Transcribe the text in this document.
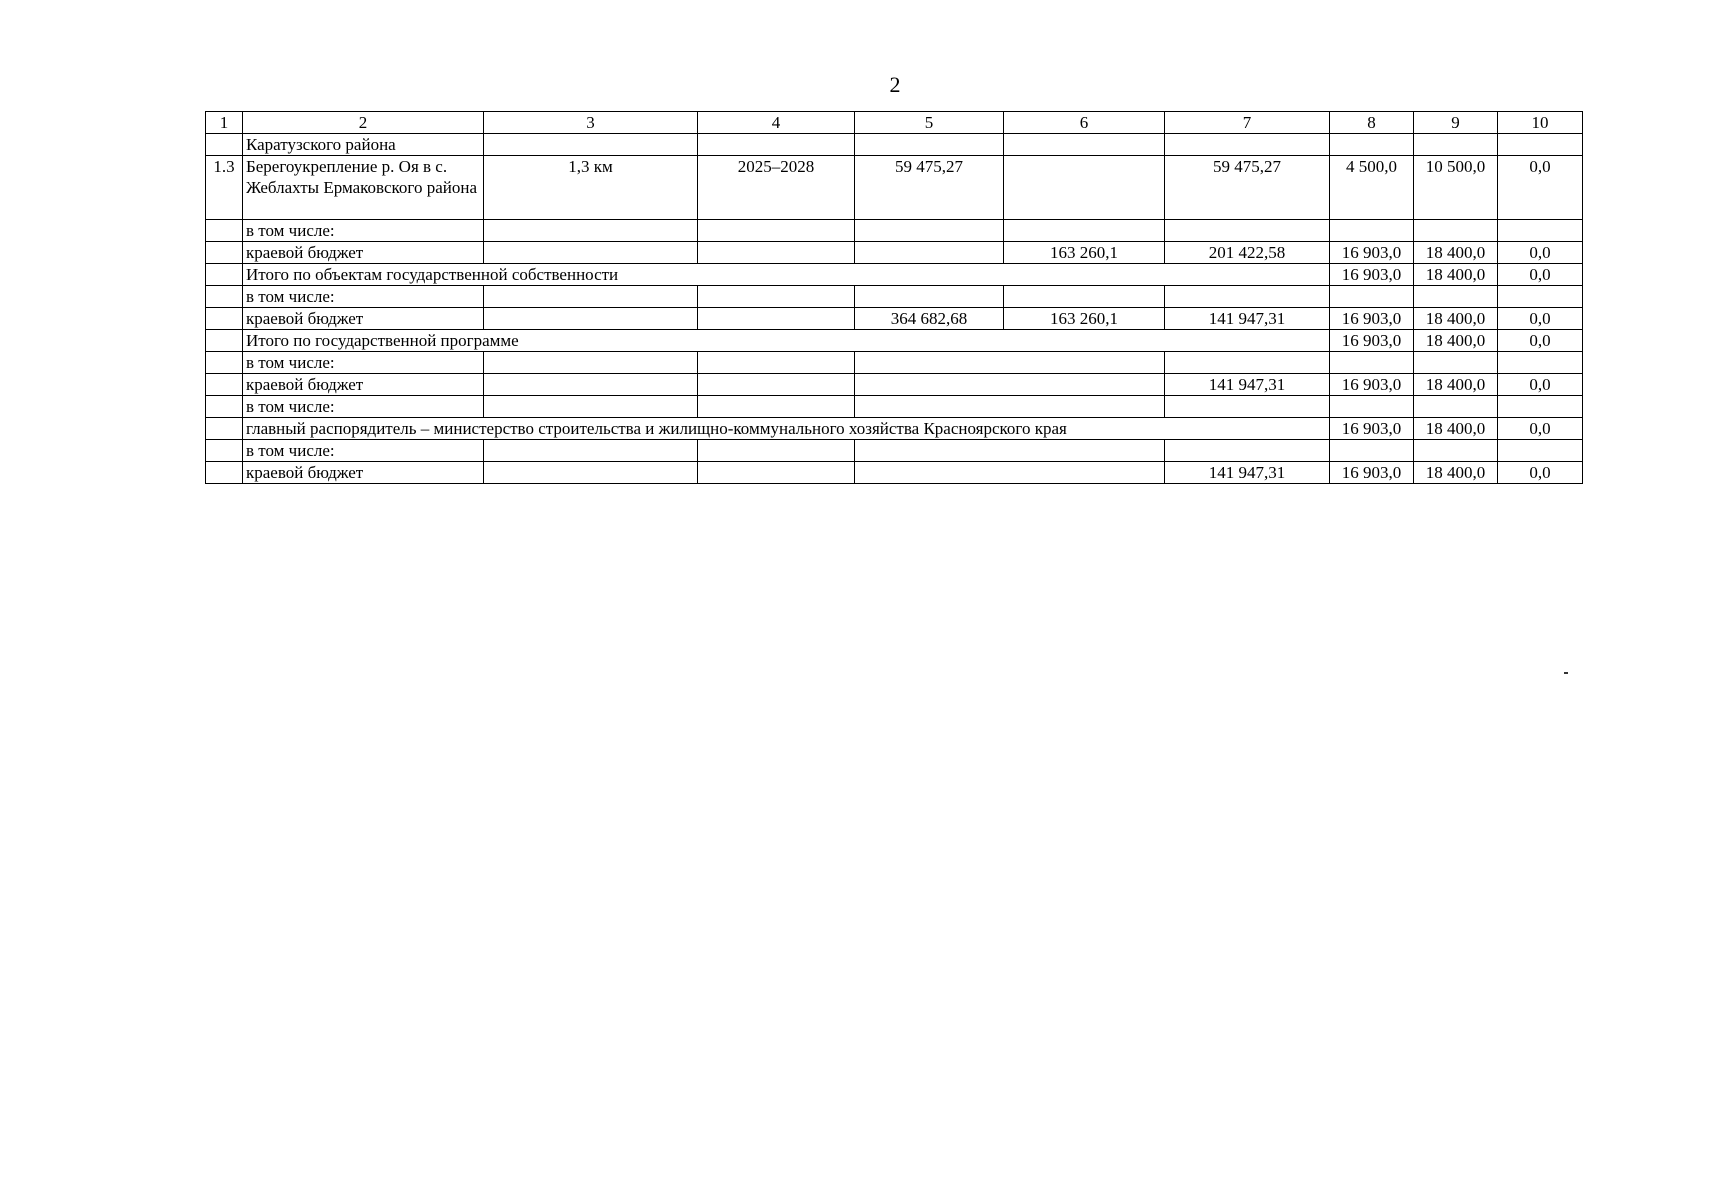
2
1	2	3	4	5	6	7	8	9	10
	Каратузского района								
1.3	Берегоукрепление р. Оя в с. Жеблахты Ермаковского района	1,3 км	2025–2028	59 475,27		59 475,27	4 500,0	10 500,0	0,0
	в том числе:								
	краевой бюджет				163 260,1	201 422,58	16 903,0	18 400,0	0,0
	Итого по объектам государственной собственности						16 903,0	18 400,0	0,0
	в том числе:								
	краевой бюджет			364 682,68	163 260,1	141 947,31	16 903,0	18 400,0	0,0
	Итого по государственной программе						16 903,0	18 400,0	0,0
	в том числе:								
	краевой бюджет					141 947,31	16 903,0	18 400,0	0,0
	в том числе:								
	главный распорядитель – министерство строительства и жилищно-коммунального хозяйства Красноярского края						16 903,0	18 400,0	0,0
	в том числе:								
	краевой бюджет					141 947,31	16 903,0	18 400,0	0,0
